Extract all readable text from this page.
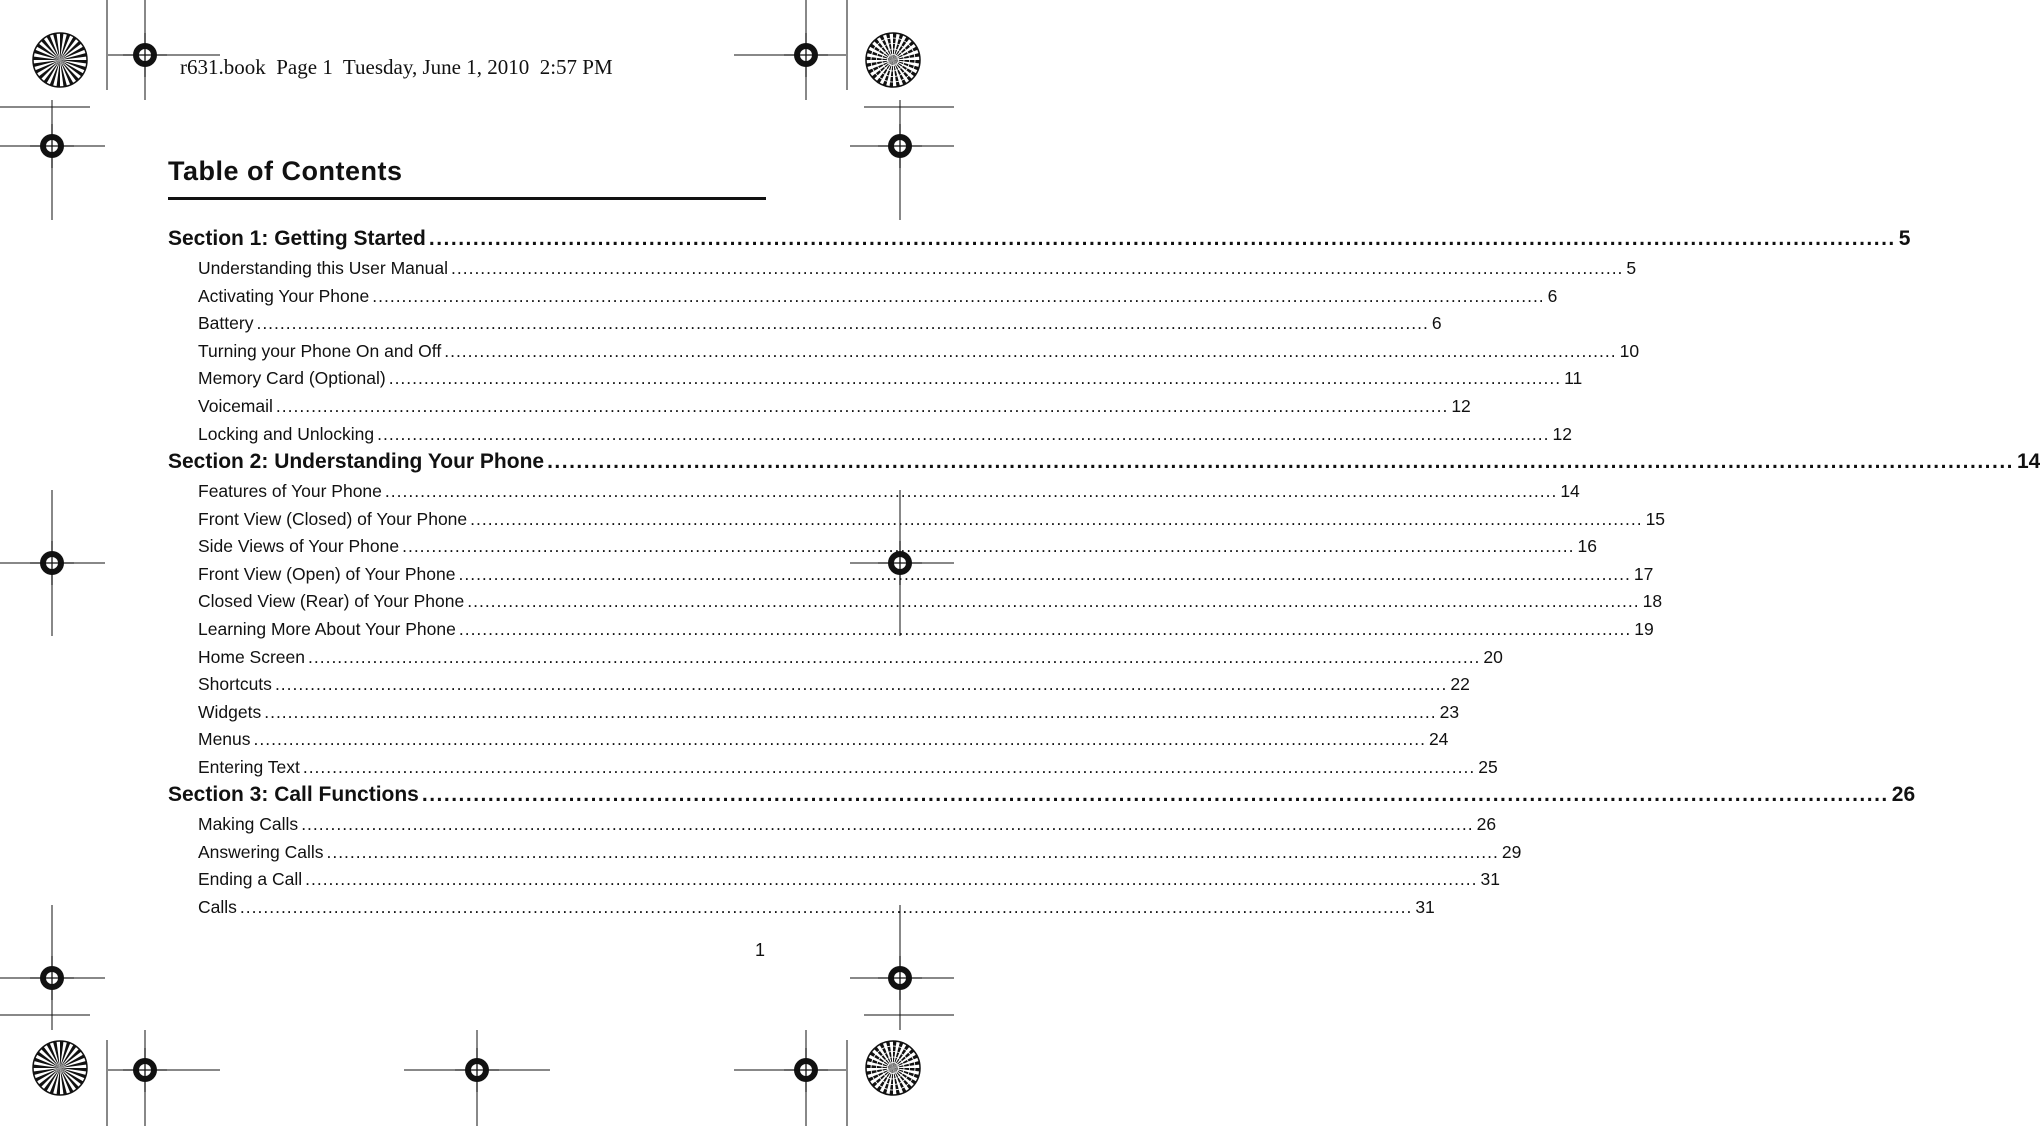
r631.book  Page 1  Tuesday, June 1, 2010  2:57 PM
Table of Contents
Section 1: Getting Started ........................................................................................................................................................................................................ 5
Understanding this User Manual ........................................................................................................................................................................................................ 5
Activating Your Phone ........................................................................................................................................................................................................ 6
Battery ........................................................................................................................................................................................................ 6
Turning your Phone On and Off ........................................................................................................................................................................................................ 10
Memory Card (Optional) ........................................................................................................................................................................................................ 11
Voicemail ........................................................................................................................................................................................................ 12
Locking and Unlocking ........................................................................................................................................................................................................ 12
Section 2: Understanding Your Phone ........................................................................................................................................................................................................ 14
Features of Your Phone ........................................................................................................................................................................................................ 14
Front View (Closed) of Your Phone ........................................................................................................................................................................................................ 15
Side Views of Your Phone ........................................................................................................................................................................................................ 16
Front View (Open) of Your Phone ........................................................................................................................................................................................................ 17
Closed View (Rear) of Your Phone ........................................................................................................................................................................................................ 18
Learning More About Your Phone ........................................................................................................................................................................................................ 19
Home Screen ........................................................................................................................................................................................................ 20
Shortcuts ........................................................................................................................................................................................................ 22
Widgets ........................................................................................................................................................................................................ 23
Menus ........................................................................................................................................................................................................ 24
Entering Text ........................................................................................................................................................................................................ 25
Section 3: Call Functions ........................................................................................................................................................................................................ 26
Making Calls ........................................................................................................................................................................................................ 26
Answering Calls ........................................................................................................................................................................................................ 29
Ending a Call ........................................................................................................................................................................................................ 31
Calls ........................................................................................................................................................................................................ 31
1
